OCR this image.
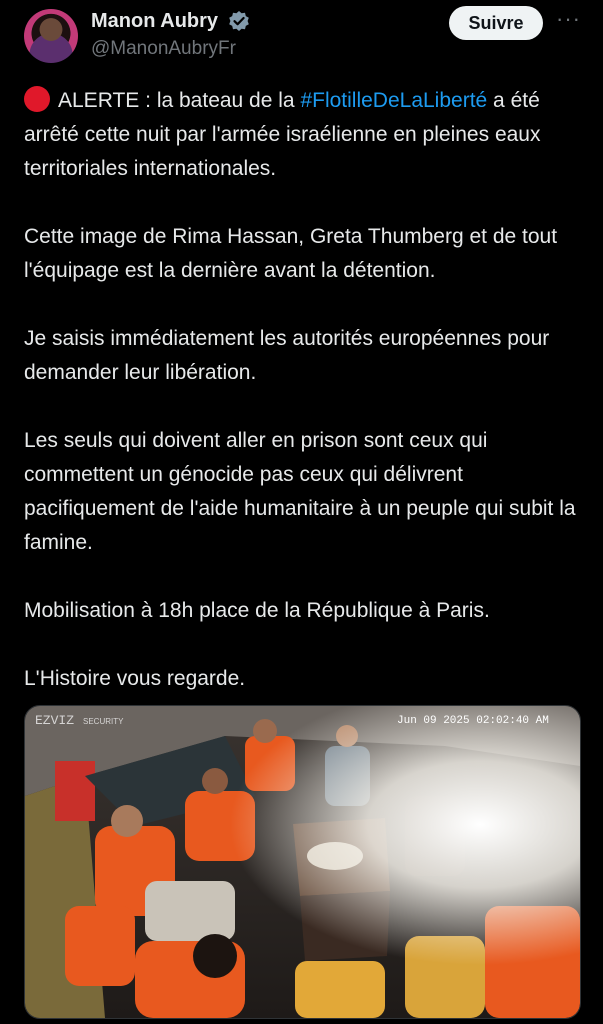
Manon Aubry
@ManonAubryFr
Suivre	···

ALERTE : la bateau de la #FlotilleDeLaLiberté a été arrêté cette nuit par l'armée israélienne en pleines eaux territoriales internationales.

Cette image de Rima Hassan, Greta Thumberg et de tout l'équipage est la dernière avant la détention.

Je saisis immédiatement les autorités européennes pour demander leur libération.

Les seuls qui doivent aller en prison sont ceux qui commettent un génocide pas ceux qui délivrent pacifiquement de l'aide humanitaire à un peuple qui subit la famine.

Mobilisation à 18h place de la République à Paris.

L'Histoire vous regarde.

EZVIZ SECURITY	Jun 09 2025 02:02:40 AM
